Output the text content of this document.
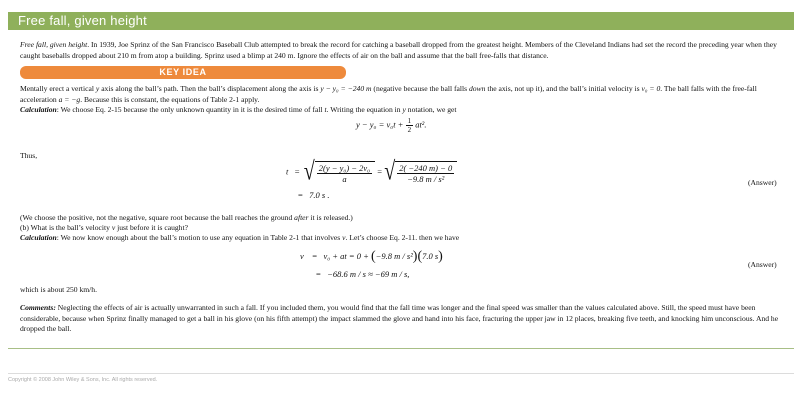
Free fall, given height
Free fall, given height. In 1939, Joe Sprinz of the San Francisco Baseball Club attempted to break the record for catching a baseball dropped from the greatest height. Members of the Cleveland Indians had set the record the preceding year when they caught baseballs dropped about 210 m from atop a building. Sprinz used a blimp at 240 m. Ignore the effects of air on the ball and assume that the ball free-falls that distance.
KEY IDEA
Mentally erect a vertical y axis along the ball’s path. Then the ball’s displacement along the axis is y − y₀ = −240 m (negative because the ball falls down the axis, not up it), and the ball’s initial velocity is v₀ = 0. The ball falls with the free-fall acceleration a = −g. Because this is constant, the equations of Table 2-1 apply.
Calculation: We choose Eq. 2-15 because the only unknown quantity in it is the desired time of fall t. Writing the equation in y notation, we get
$y - y_0 = v_0t + \frac{1}{2} at^2$.
Thus,
t = √ $\frac{\text{2(y − y₀) − 2v₀}}{a}$ = √ $\frac{2( -240 m) - 0}{\text{−9.8 m / s²}}$	(Answer)
= 7.0 s .
(We choose the positive, not the negative, square root because the ball reaches the ground after it is released.)
(b) What is the ball’s velocity v just before it is caught?
Calculation: We now know enough about the ball’s motion to use any equation in Table 2-1 that involves v. Let’s choose Eq. 2-11. then we have
v = v₀ + at = 0 + (−9.8 m / s²)(7.0 s)
(Answer)
= −68.6 m / s ≈ −69 m / s,
which is about 250 km/h.
Comments: Neglecting the effects of air is actually unwarranted in such a fall. If you included them, you would find that the fall time was longer and the final speed was smaller than the values calculated above. Still, the speed must have been considerable, because when Sprinz finally managed to get a ball in his glove (on his fifth attempt) the impact slammed the glove and hand into his face, fracturing the upper jaw in 12 places, breaking five teeth, and knocking him unconscious. And he dropped the ball.
Copyright © 2008 John Wiley & Sons, Inc. All rights reserved.
